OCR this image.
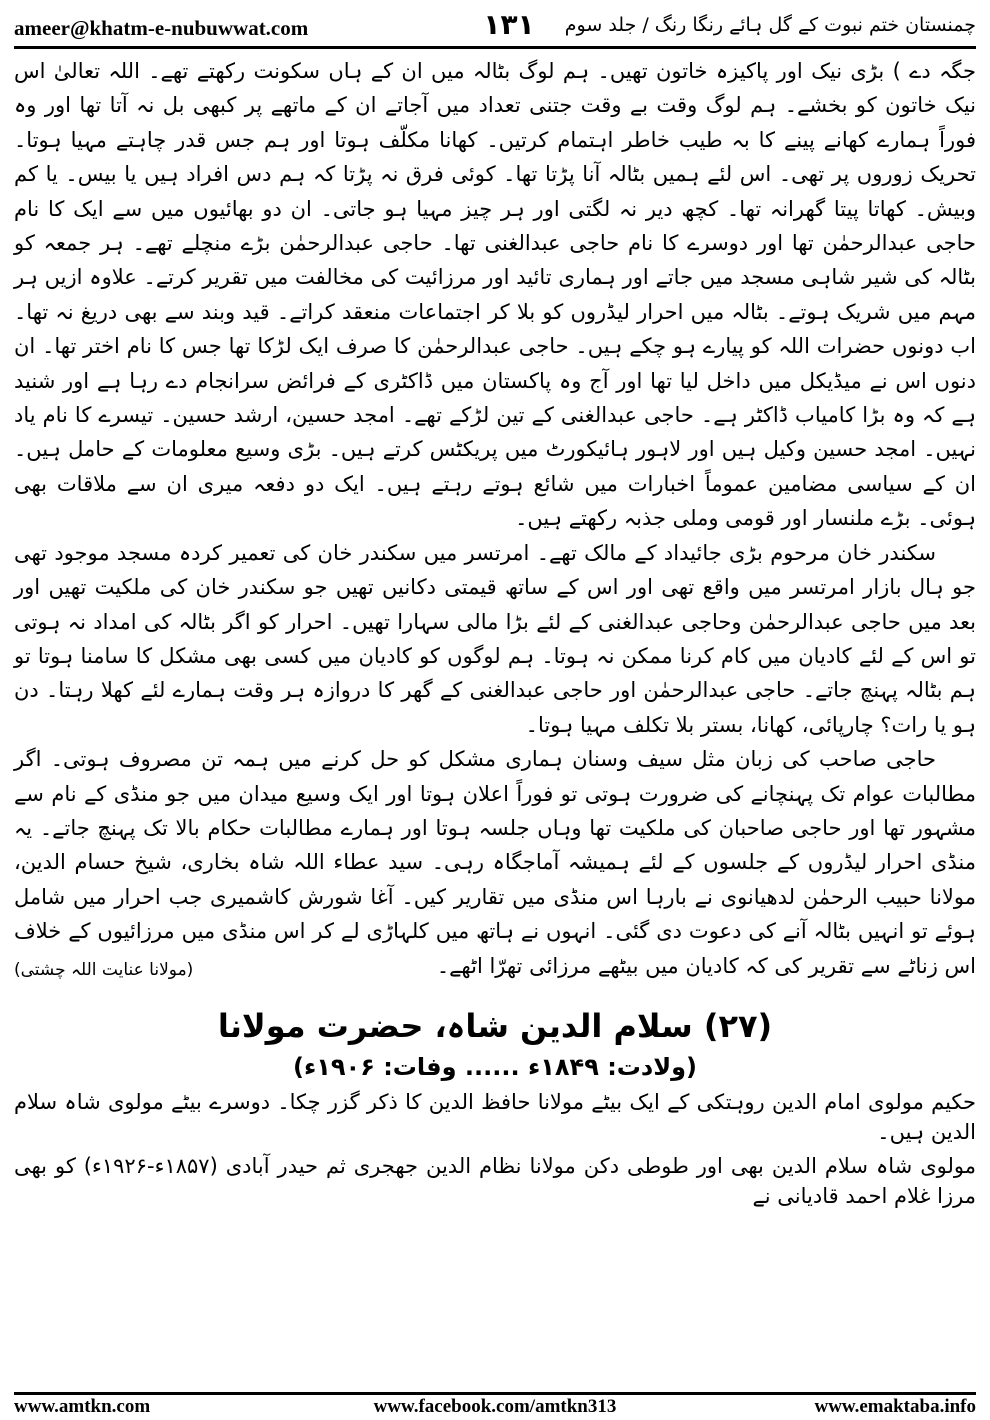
ameer@khatm-e-nubuwwat.com	۱۳۱	چمنستان ختم نبوت کے گل ہائے رنگا رنگ / جلد سوم

جگہ دے ) بڑی نیک اور پاکیزہ خاتون تھیں۔ ہم لوگ بٹالہ میں ان کے ہاں سکونت رکھتے تھے۔ اللہ تعالیٰ اس نیک خاتون کو بخشے۔ ہم لوگ وقت بے وقت جتنی تعداد میں آجاتے ان کے ماتھے پر کبھی بل نہ آتا تھا اور وہ فوراً ہمارے کھانے پینے کا بہ طیب خاطر اہتمام کرتیں۔ کھانا مکلّف ہوتا اور ہم جس قدر چاہتے مہیا ہوتا۔ تحریک زوروں پر تھی۔ اس لئے ہمیں بٹالہ آنا پڑتا تھا۔ کوئی فرق نہ پڑتا کہ ہم دس افراد ہیں یا بیس۔ یا کم وبیش۔ کھاتا پیتا گھرانہ تھا۔ کچھ دیر نہ لگتی اور ہر چیز مہیا ہو جاتی۔ ان دو بھائیوں میں سے ایک کا نام حاجی عبدالرحمٰن تھا اور دوسرے کا نام حاجی عبدالغنی تھا۔ حاجی عبدالرحمٰن بڑے منچلے تھے۔ ہر جمعہ کو بٹالہ کی شیر شاہی مسجد میں جاتے اور ہماری تائید اور مرزائیت کی مخالفت میں تقریر کرتے۔ علاوہ ازیں ہر مہم میں شریک ہوتے۔ بٹالہ میں احرار لیڈروں کو بلا کر اجتماعات منعقد کراتے۔ قید وبند سے بھی دریغ نہ تھا۔ اب دونوں حضرات اللہ کو پیارے ہو چکے ہیں۔ حاجی عبدالرحمٰن کا صرف ایک لڑکا تھا جس کا نام اختر تھا۔ ان دنوں اس نے میڈیکل میں داخل لیا تھا اور آج وہ پاکستان میں ڈاکٹری کے فرائض سرانجام دے رہا ہے اور شنید ہے کہ وہ بڑا کامیاب ڈاکٹر ہے۔ حاجی عبدالغنی کے تین لڑکے تھے۔ امجد حسین، ارشد حسین۔ تیسرے کا نام یاد نہیں۔ امجد حسین وکیل ہیں اور لاہور ہائیکورٹ میں پریکٹس کرتے ہیں۔ بڑی وسیع معلومات کے حامل ہیں۔ ان کے سیاسی مضامین عموماً اخبارات میں شائع ہوتے رہتے ہیں۔ ایک دو دفعہ میری ان سے ملاقات بھی ہوئی۔ بڑے ملنسار اور قومی وملی جذبہ رکھتے ہیں۔

سکندر خان مرحوم بڑی جائیداد کے مالک تھے۔ امرتسر میں سکندر خان کی تعمیر کردہ مسجد موجود تھی جو ہال بازار امرتسر میں واقع تھی اور اس کے ساتھ قیمتی دکانیں تھیں جو سکندر خان کی ملکیت تھیں اور بعد میں حاجی عبدالرحمٰن وحاجی عبدالغنی کے لئے بڑا مالی سہارا تھیں۔ احرار کو اگر بٹالہ کی امداد نہ ہوتی تو اس کے لئے کادیان میں کام کرنا ممکن نہ ہوتا۔ ہم لوگوں کو کادیان میں کسی بھی مشکل کا سامنا ہوتا تو ہم بٹالہ پہنچ جاتے۔ حاجی عبدالرحمٰن اور حاجی عبدالغنی کے گھر کا دروازہ ہر وقت ہمارے لئے کھلا رہتا۔ دن ہو یا رات؟ چارپائی، کھانا، بستر بلا تکلف مہیا ہوتا۔

حاجی صاحب کی زبان مثل سیف وسنان ہماری مشکل کو حل کرنے میں ہمہ تن مصروف ہوتی۔ اگر مطالبات عوام تک پہنچانے کی ضرورت ہوتی تو فوراً اعلان ہوتا اور ایک وسیع میدان میں جو منڈی کے نام سے مشہور تھا اور حاجی صاحبان کی ملکیت تھا وہاں جلسہ ہوتا اور ہمارے مطالبات حکام بالا تک پہنچ جاتے۔ یہ منڈی احرار لیڈروں کے جلسوں کے لئے ہمیشہ آماجگاہ رہی۔ سید عطاء اللہ شاہ بخاری، شیخ حسام الدین، مولانا حبیب الرحمٰن لدھیانوی نے بارہا اس منڈی میں تقاریر کیں۔ آغا شورش کاشمیری جب احرار میں شامل ہوئے تو انہیں بٹالہ آنے کی دعوت دی گئی۔ انہوں نے ہاتھ میں کلہاڑی لے کر اس منڈی میں مرزائیوں کے خلاف اس زناٹے سے تقریر کی کہ کادیان میں بیٹھے مرزائی تھرّا اٹھے۔
(مولانا عنایت اللہ چشتی)

(۲۷) سلام الدین شاہ، حضرت مولانا
(ولادت: ۱۸۴۹ء ...... وفات: ۱۹۰۶ء)

حکیم مولوی امام الدین روہتکی کے ایک بیٹے مولانا حافظ الدین کا ذکر گزر چکا۔ دوسرے بیٹے مولوی شاہ سلام الدین ہیں۔

مولوی شاہ سلام الدین بھی اور طوطی دکن مولانا نظام الدین جھجری ثم حیدر آبادی (۱۸۵۷ء-۱۹۲۶ء) کو بھی مرزا غلام احمد قادیانی نے

www.amtkn.com	www.facebook.com/amtkn313	www.emaktaba.info
